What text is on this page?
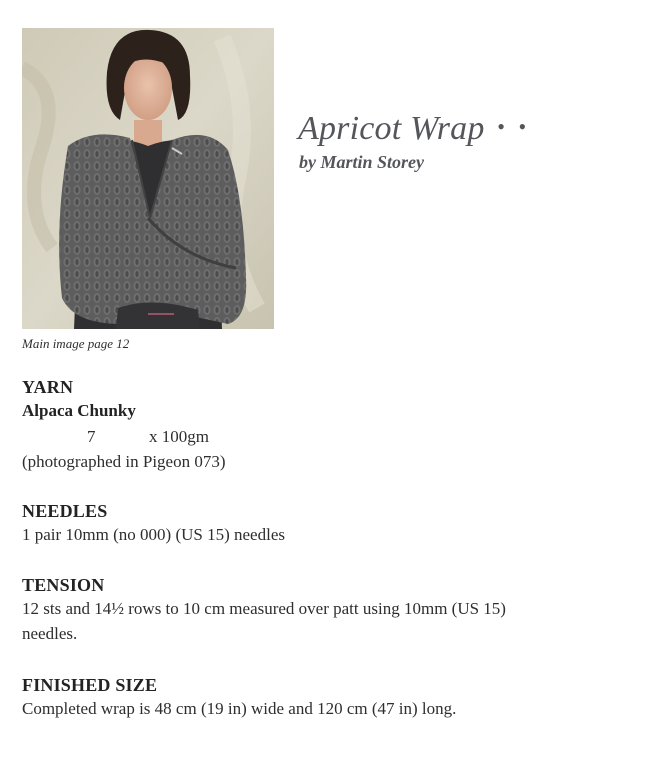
Main image page 12
Apricot Wrap • •
by Martin Storey

YARN

Alpaca Chunky

7	x 100gm

(photographed in Pigeon 073)

NEEDLES

1 pair 10mm (no 000) (US 15) needles

TENSION

12 sts and 14½ rows to 10 cm measured over patt using 10mm (US 15)

needles.

FINISHED SIZE

Completed wrap is 48 cm (19 in) wide and 120 cm (47 in) long.
